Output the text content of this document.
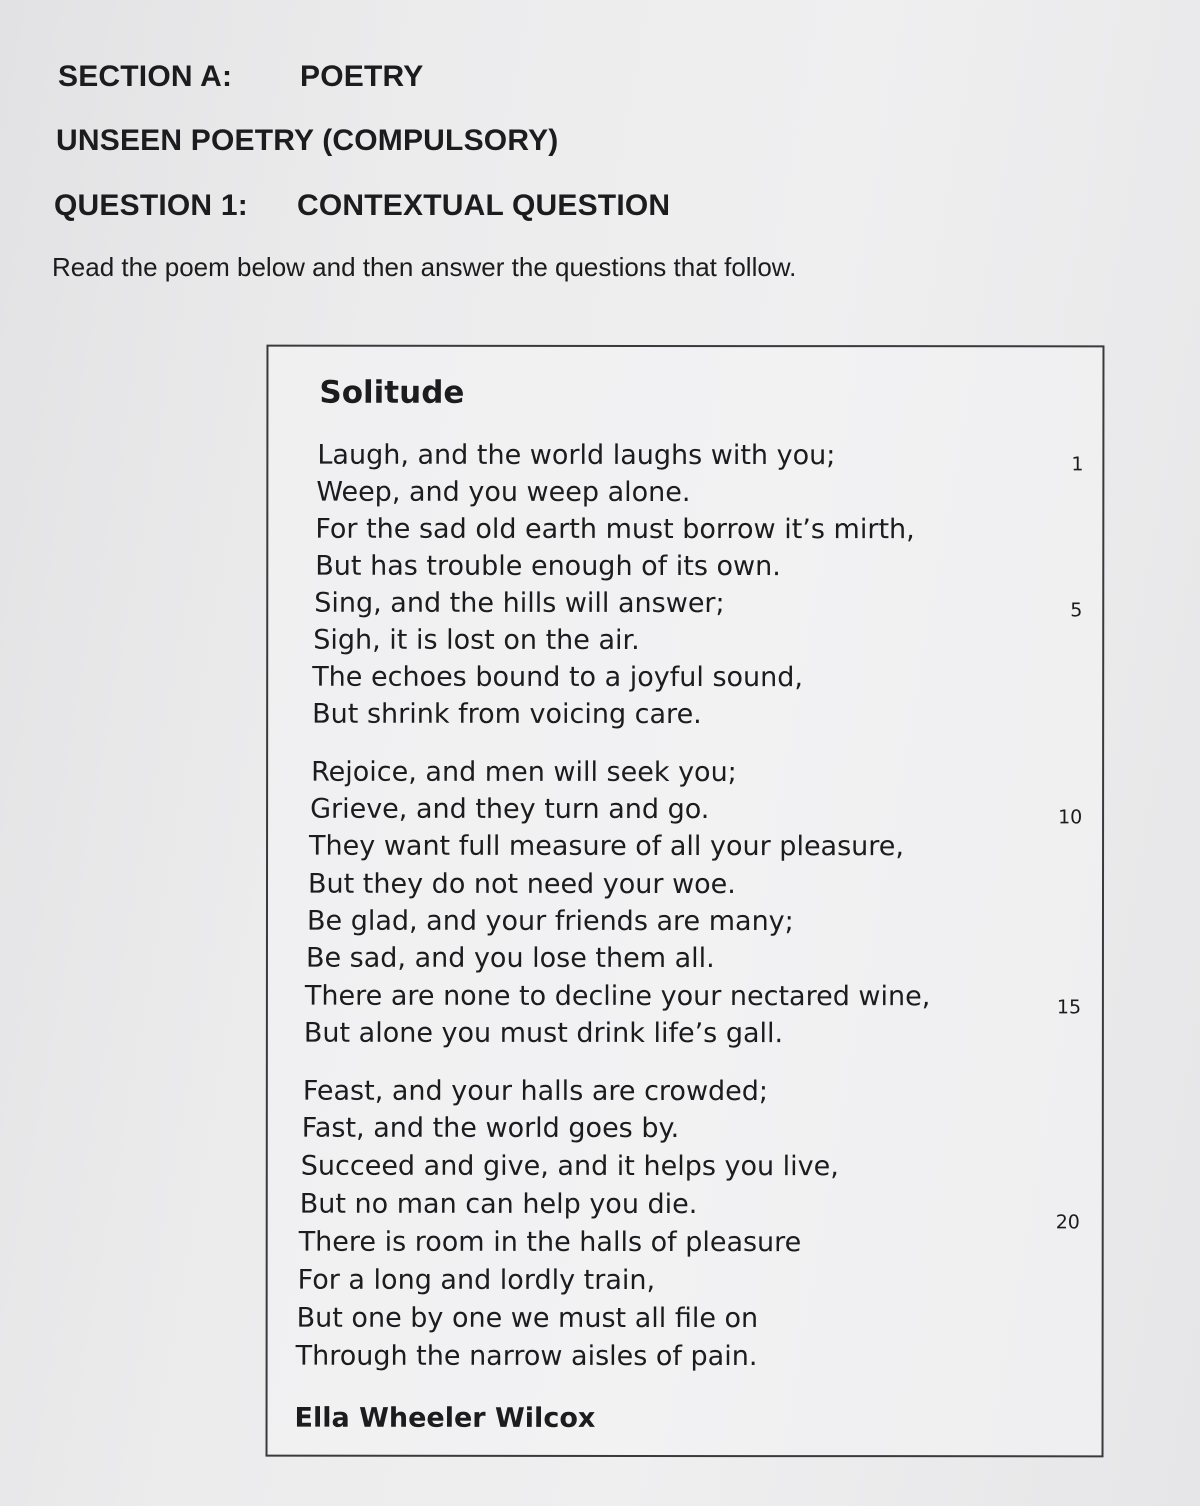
SECTION A: POETRY
UNSEEN POETRY (COMPULSORY)
QUESTION 1: CONTEXTUAL QUESTION
Read the poem below and then answer the questions that follow.
Solitude
Laugh, and the world laughs with you;
Weep, and you weep alone.
For the sad old earth must borrow it’s mirth,
But has trouble enough of its own.
Sing, and the hills will answer;
Sigh, it is lost on the air.
The echoes bound to a joyful sound,
But shrink from voicing care.
Rejoice, and men will seek you;
Grieve, and they turn and go.
They want full measure of all your pleasure,
But they do not need your woe.
Be glad, and your friends are many;
Be sad, and you lose them all.
There are none to decline your nectared wine,
But alone you must drink life’s gall.
Feast, and your halls are crowded;
Fast, and the world goes by.
Succeed and give, and it helps you live,
But no man can help you die.
There is room in the halls of pleasure
For a long and lordly train,
But one by one we must all file on
Through the narrow aisles of pain.
1
5
10
15
20
Ella Wheeler Wilcox
